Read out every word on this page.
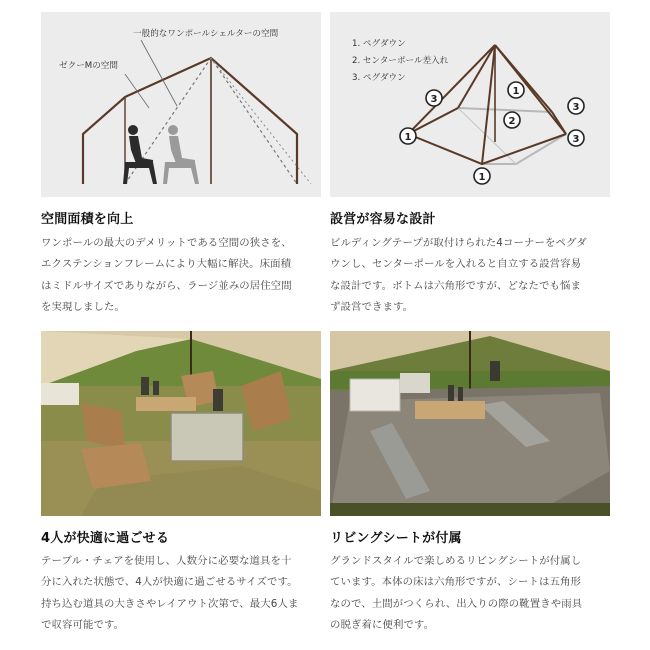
一般的なワンポールシェルターの空間
ゼクーMの空間
空間面積を向上
ワンポールの最大のデメリットである空間の狭さを、
エクステンションフレームにより大幅に解決。床面積
はミドルサイズでありながら、ラージ並みの居住空間
を実現しました。
1
1
1
2
3
3
3
1. ペグダウン
2. センターポール差入れ
3. ペグダウン
設営が容易な設計
ビルディングテープが取付けられた4コーナーをペグダ
ウンし、センターポールを入れると自立する設営容易
な設計です。ボトムは六角形ですが、どなたでも悩ま
ず設営できます。
4人が快適に過ごせる
テーブル・チェアを使用し、人数分に必要な道具を十
分に入れた状態で、4人が快適に過ごせるサイズです。
持ち込む道具の大きさやレイアウト次第で、最大6人ま
で収容可能です。
リビングシートが付属
グランドスタイルで楽しめるリビングシートが付属し
ています。本体の床は六角形ですが、シートは五角形
なので、土間がつくられ、出入りの際の靴置きや雨具
の脱ぎ着に便利です。
